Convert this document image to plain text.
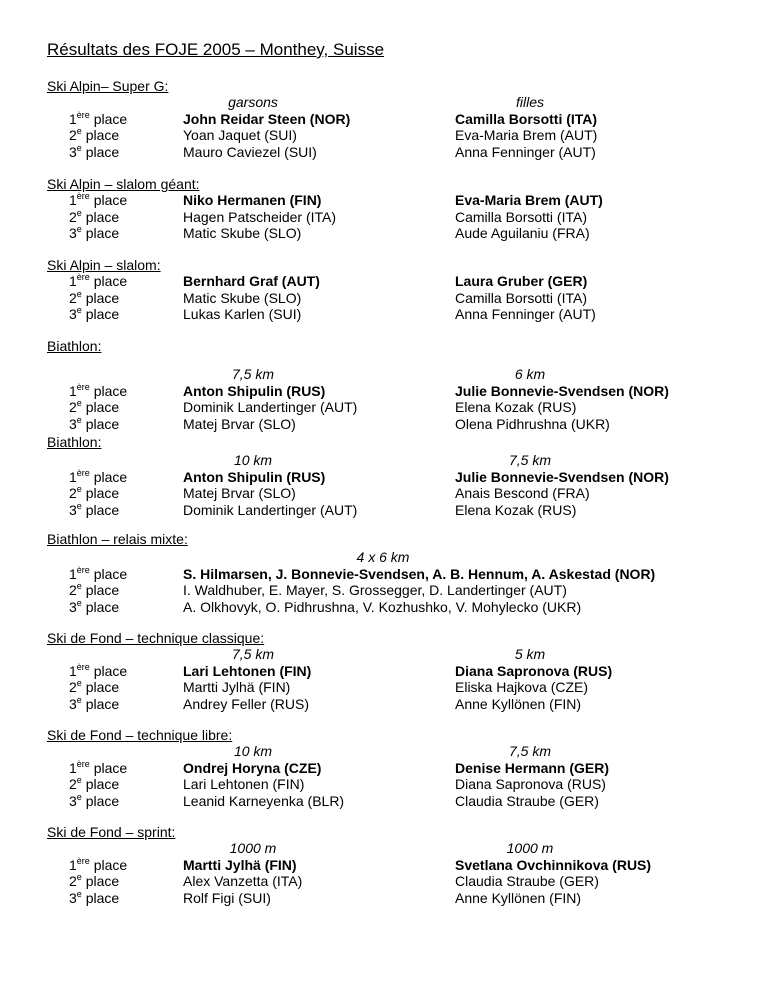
Résultats des FOJE 2005 – Monthey, Suisse
Ski Alpin– Super G:
garsons	filles
1ère place	John Reidar Steen (NOR)	Camilla Borsotti (ITA)
2e place	Yoan Jaquet (SUI)	Eva-Maria Brem (AUT)
3e place	Mauro Caviezel (SUI)	Anna Fenninger (AUT)
Ski Alpin – slalom géant:
1ère place	Niko Hermanen (FIN)	Eva-Maria Brem (AUT)
2e place	Hagen Patscheider (ITA)	Camilla Borsotti (ITA)
3e place	Matic Skube (SLO)	Aude Aguilaniu (FRA)
Ski Alpin – slalom:
1ère place	Bernhard Graf (AUT)	Laura Gruber (GER)
2e place	Matic Skube (SLO)	Camilla Borsotti (ITA)
3e place	Lukas Karlen (SUI)	Anna Fenninger (AUT)
Biathlon:
7,5 km	6 km
1ère place	Anton Shipulin (RUS)	Julie Bonnevie-Svendsen (NOR)
2e place	Dominik Landertinger (AUT)	Elena Kozak (RUS)
3e place	Matej Brvar (SLO)	Olena Pidhrushna (UKR)
Biathlon:
10 km	7,5 km
1ère place	Anton Shipulin (RUS)	Julie Bonnevie-Svendsen (NOR)
2e place	Matej Brvar (SLO)	Anais Bescond (FRA)
3e place	Dominik Landertinger (AUT)	Elena Kozak (RUS)
Biathlon – relais mixte:
4 x 6 km
1ère place	S. Hilmarsen, J. Bonnevie-Svendsen, A. B. Hennum, A. Askestad (NOR)
2e place	I. Waldhuber, E. Mayer, S. Grossegger, D. Landertinger (AUT)
3e place	A. Olkhovyk, O. Pidhrushna, V. Kozhushko, V. Mohylecko (UKR)
Ski de Fond – technique classique:
7,5 km	5 km
1ère place	Lari Lehtonen (FIN)	Diana Sapronova (RUS)
2e place	Martti Jylhä (FIN)	Eliska Hajkova (CZE)
3e place	Andrey Feller (RUS)	Anne Kyllönen (FIN)
Ski de Fond – technique libre:
10 km	7,5 km
1ère place	Ondrej Horyna (CZE)	Denise Hermann (GER)
2e place	Lari Lehtonen (FIN)	Diana Sapronova (RUS)
3e place	Leanid Karneyenka (BLR)	Claudia Straube (GER)
Ski de Fond – sprint:
1000 m	1000 m
1ère place	Martti Jylhä (FIN)	Svetlana Ovchinnikova (RUS)
2e place	Alex Vanzetta (ITA)	Claudia Straube (GER)
3e place	Rolf Figi (SUI)	Anne Kyllönen (FIN)
